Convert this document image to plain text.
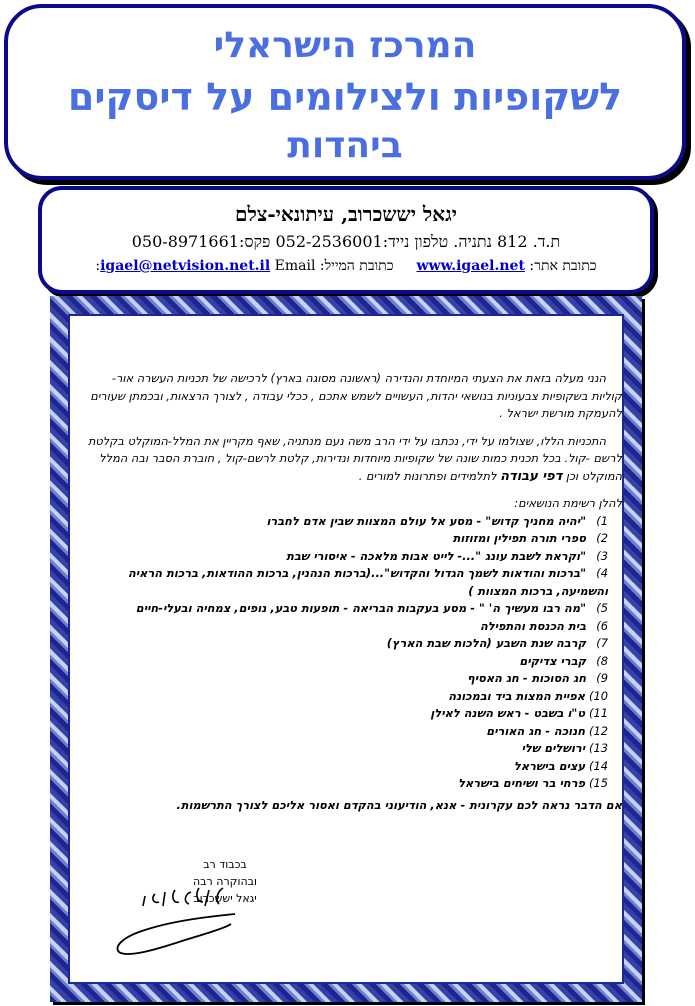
המרכז הישראלי
לשקופיות ולצילומים על דיסקים
ביהדות
יגאל יששכרוב, עיתונאי-צלם
ת.ד. 812 נתניה. טלפון נייד:052-2536001 פקס:050-8971661
כתובת אתר: www.igael.net  כתובת המייל: igael@netvision.net.il Email:

הנני מעלה בזאת את הצעתי המיוחדת והנדירה (ראשונה מסוגה בארץ) לרכישה של תכניות העשרה אור- קוליות בשקופיות צבעוניות בנושאי יהדות, העשויים לשמש אתכם , ככלי עבודה , לצורך הרצאות, ובכמתן שעורים להעמקת מורשת ישראל .

התכניות הללו, שצולמו על ידי, נכתבו על ידי הרב משה נעם מנתניה, שאף מקריין את המלל-המוקלט בקלטת לרשם -קול. בכל תכנית כמות שונה של שקופיות מיוחדות ונדירות, קלטת לרשם-קול , חוברת הסבר ובה המלל המוקלט וכן דפי עבודה לתלמידים ופתרונות למורים .

להלן רשימת הנושאים:

1) "יהיה מחניך קדוש" - מסע אל עולם המצוות שבין אדם לחברו
2) ספרי תורה תפילין ומזוזות
3) "וקראת לשבת עונג "...- לייט אבות מלאכה - איסורי שבת
4) "ברכות והודאות לשמך הגדול והקדוש"...(ברכות הנהנין, ברכות ההודאות, ברכות הראיה והשמיעה, ברכות המצוות )
5) "מה רבו מעשיך ה' " - מסע בעקבות הבריאה - תופעות טבע, נופים, צמחיה ובעלי-חיים
6) בית הכנסת והתפילה
7) קרבה שנת השבע (הלכות שבת הארץ)
8) קברי צדיקים
9) חג הסוכות - חג האסיף
10) אפיית המצות ביד ובמכונה
11) ט"ו בשבט - ראש השנה לאילן
12) חנוכה - חג האורים
13) ירושלים שלי
14) עצים בישראל
15) פרחי בר ושיחים בישראל

אם הדבר נראה לכם עקרונית - אנא, הודיעוני בהקדם ואסור אליכם לצורך התרשמות.

בכבוד רב
ובהוקרה רבה
יגאל יששכרוב
